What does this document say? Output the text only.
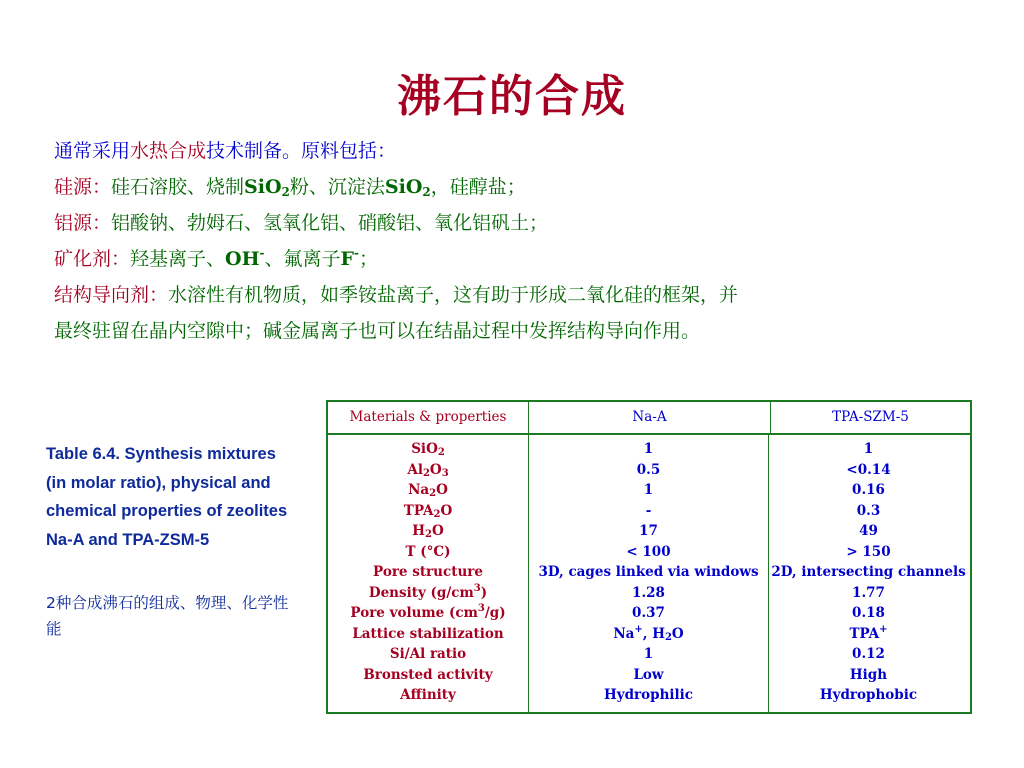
沸石的合成
通常采用水热合成技术制备。原料包括：
硅源：硅石溶胶、烧制SiO$_2$粉、沉淀法SiO$_2$，硅醇盐；
铝源：铝酸钠、勃姆石、氢氧化铝、硝酸铝、氧化铝矾土；
矿化剂：羟基离子、OH-、氟离子F-；
结构导向剂：水溶性有机物质，如季铵盐离子，这有助于形成二氧化硅的框架，并
最终驻留在晶内空隙中；碱金属离子也可以在结晶过程中发挥结构导向作用。
Table 6.4. Synthesis mixtures (in molar ratio), physical and chemical properties of zeolites Na-A and TPA-ZSM-5
2种合成沸石的组成、物理、化学性能
Materials & properties	Na-A	TPA-SZM-5
SiO$_2$
$Al_2O_3$
$Na_2O$
$TPA_2O$
$H_2O$
T (°C)
Pore structure
Density $(g/cm^3)$
Pore volume $(cm^3/g)$
Lattice stabilization
Si/Al ratio
Bronsted activity
Affinity
1
0.5
1
-
17
< 100
3D, cages linked via windows
1.28
0.37
Na+, $H_2O$
1
Low
Hydrophilic
1
<0.14
0.16
0.3
49
> 150
2D, intersecting channels
1.77
0.18
TPA+
0.12
High
Hydrophobic
